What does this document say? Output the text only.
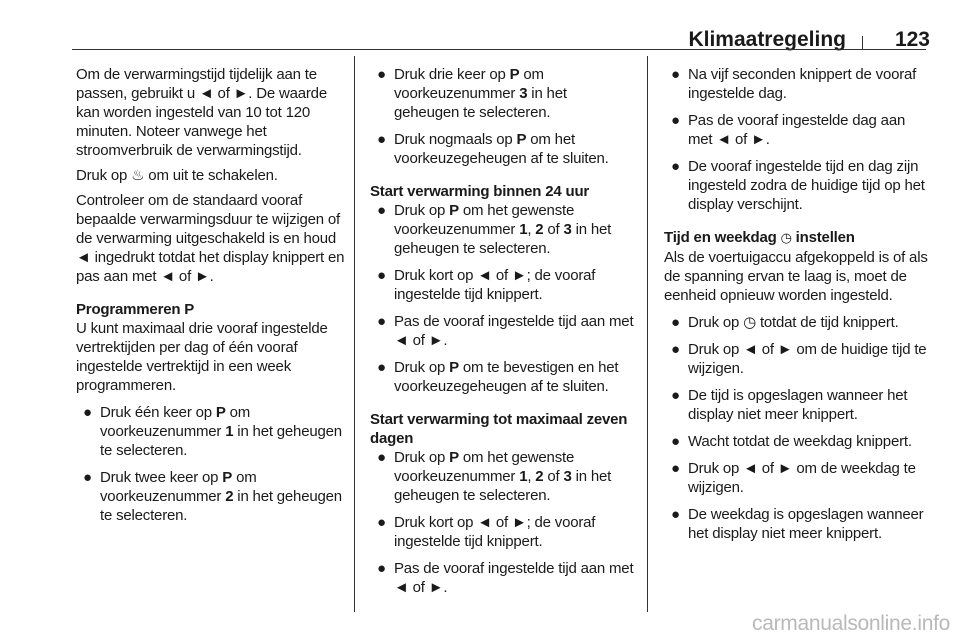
Klimaatregeling	123

Om de verwarmingstijd tijdelijk aan te passen, gebruikt u ◄ of ►. De waarde kan worden ingesteld van 10 tot 120 minuten. Noteer vanwege het stroomverbruik de verwarmingstijd.

Druk op ♨ om uit te schakelen.

Controleer om de standaard vooraf bepaalde verwarmingsduur te wijzigen of de verwarming uitgeschakeld is en houd ◄ ingedrukt totdat het display knippert en pas aan met ◄ of ►.

Programmeren P

U kunt maximaal drie vooraf ingestelde vertrektijden per dag of één vooraf ingestelde vertrektijd in een week programmeren.

● Druk één keer op P om voorkeuzenummer 1 in het geheugen te selecteren.
● Druk twee keer op P om voorkeuzenummer 2 in het geheugen te selecteren.
● Druk drie keer op P om voorkeuzenummer 3 in het geheugen te selecteren.
● Druk nogmaals op P om het voorkeuzegeheugen af te sluiten.
Start verwarming binnen 24 uur
● Druk op P om het gewenste voorkeuzenummer 1, 2 of 3 in het geheugen te selecteren.
● Druk kort op ◄ of ►; de vooraf ingestelde tijd knippert.
● Pas de vooraf ingestelde tijd aan met ◄ of ►.
● Druk op P om te bevestigen en het voorkeuzegeheugen af te sluiten.
Start verwarming tot maximaal zeven dagen
● Druk op P om het gewenste voorkeuzenummer 1, 2 of 3 in het geheugen te selecteren.
● Druk kort op ◄ of ►; de vooraf ingestelde tijd knippert.
● Pas de vooraf ingestelde tijd aan met ◄ of ►.
● Na vijf seconden knippert de vooraf ingestelde dag.
● Pas de vooraf ingestelde dag aan met ◄ of ►.
● De vooraf ingestelde tijd en dag zijn ingesteld zodra de huidige tijd op het display verschijnt.
Tijd en weekdag ◷ instellen

Als de voertuigaccu afgekoppeld is of als de spanning ervan te laag is, moet de eenheid opnieuw worden ingesteld.

● Druk op ◷ totdat de tijd knippert.
● Druk op ◄ of ► om de huidige tijd te wijzigen.
● De tijd is opgeslagen wanneer het display niet meer knippert.
● Wacht totdat de weekdag knippert.
● Druk op ◄ of ► om de weekdag te wijzigen.
● De weekdag is opgeslagen wanneer het display niet meer knippert.
carmanualsonline.info
